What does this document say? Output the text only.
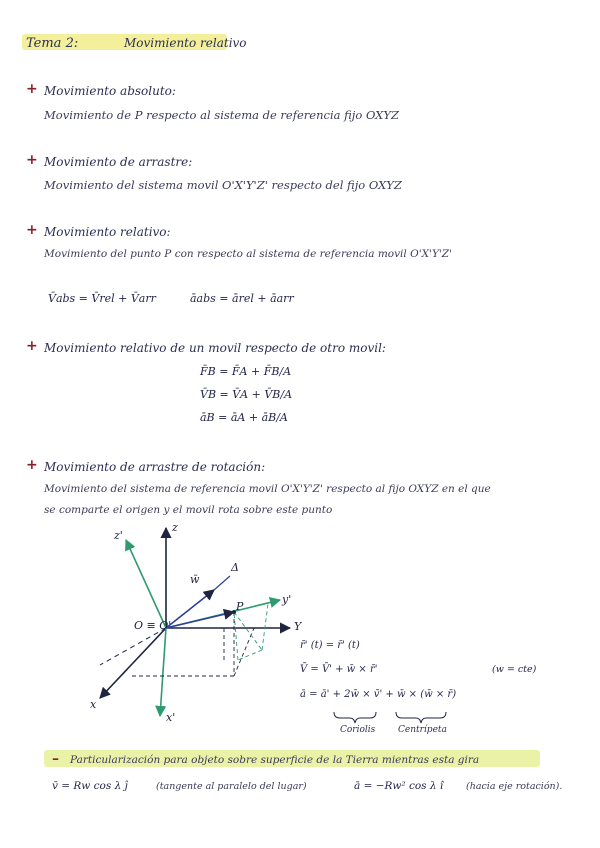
Tema 2:	Movimiento relativo
+ Movimiento absoluto:
Movimiento de P respecto al sistema de referencia fijo OXYZ
+ Movimiento de arrastre:
Movimiento del sistema movil O'X'Y'Z' respecto del fijo OXYZ
+ Movimiento relativo:
Movimiento del punto P con respecto al sistema de referencia movil O'X'Y'Z'
V̄abs = V̄rel + V̄arr	āabs = ārel + āarr
+ Movimiento relativo de un movil respecto de otro movil:
F̄B = F̄A + F̄B/A
V̄B = V̄A + V̄B/A
āB = āA + āB/A
+ Movimiento de arrastre de rotación:
Movimiento del sistema de referencia movil O'X'Y'Z' respecto al fijo OXYZ en el que
se comparte el origen y el movil rota sobre este punto
z'
z
w̄
Δ
P
y'
O ≡ O'	Y
x
x'
r̄' (t) = r̄' (t)
V̄ = V̄' + w̄ × r̄'
ā = ā' + 2w̄ × v̄' + w̄ × (w̄ × r̄)
(w = cte)
Coriolis	Centrípeta
– Particularización para objeto sobre superficie de la Tierra mientras esta gira
v̄ = Rw cos λ ĵ	(tangente al paralelo del lugar)	ā = −Rw² cos λ î (hacia eje rotación).
